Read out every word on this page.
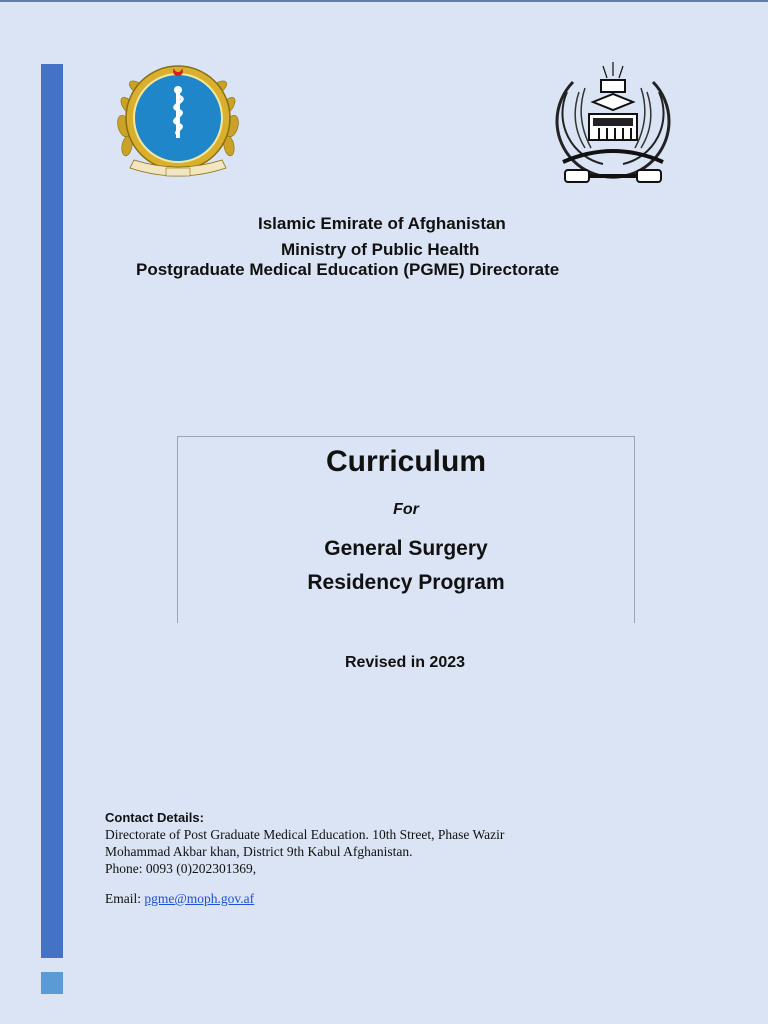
Islamic Emirate of Afghanistan
Ministry of Public Health
Postgraduate Medical Education (PGME) Directorate
Curriculum
For
General Surgery
Residency Program
Revised in 2023
Contact Details:
Directorate of Post Graduate Medical Education. 10th Street, Phase Wazir
Mohammad Akbar khan, District 9th Kabul Afghanistan.
Phone: 0093 (0)202301369,
Email: pgme@moph.gov.af
